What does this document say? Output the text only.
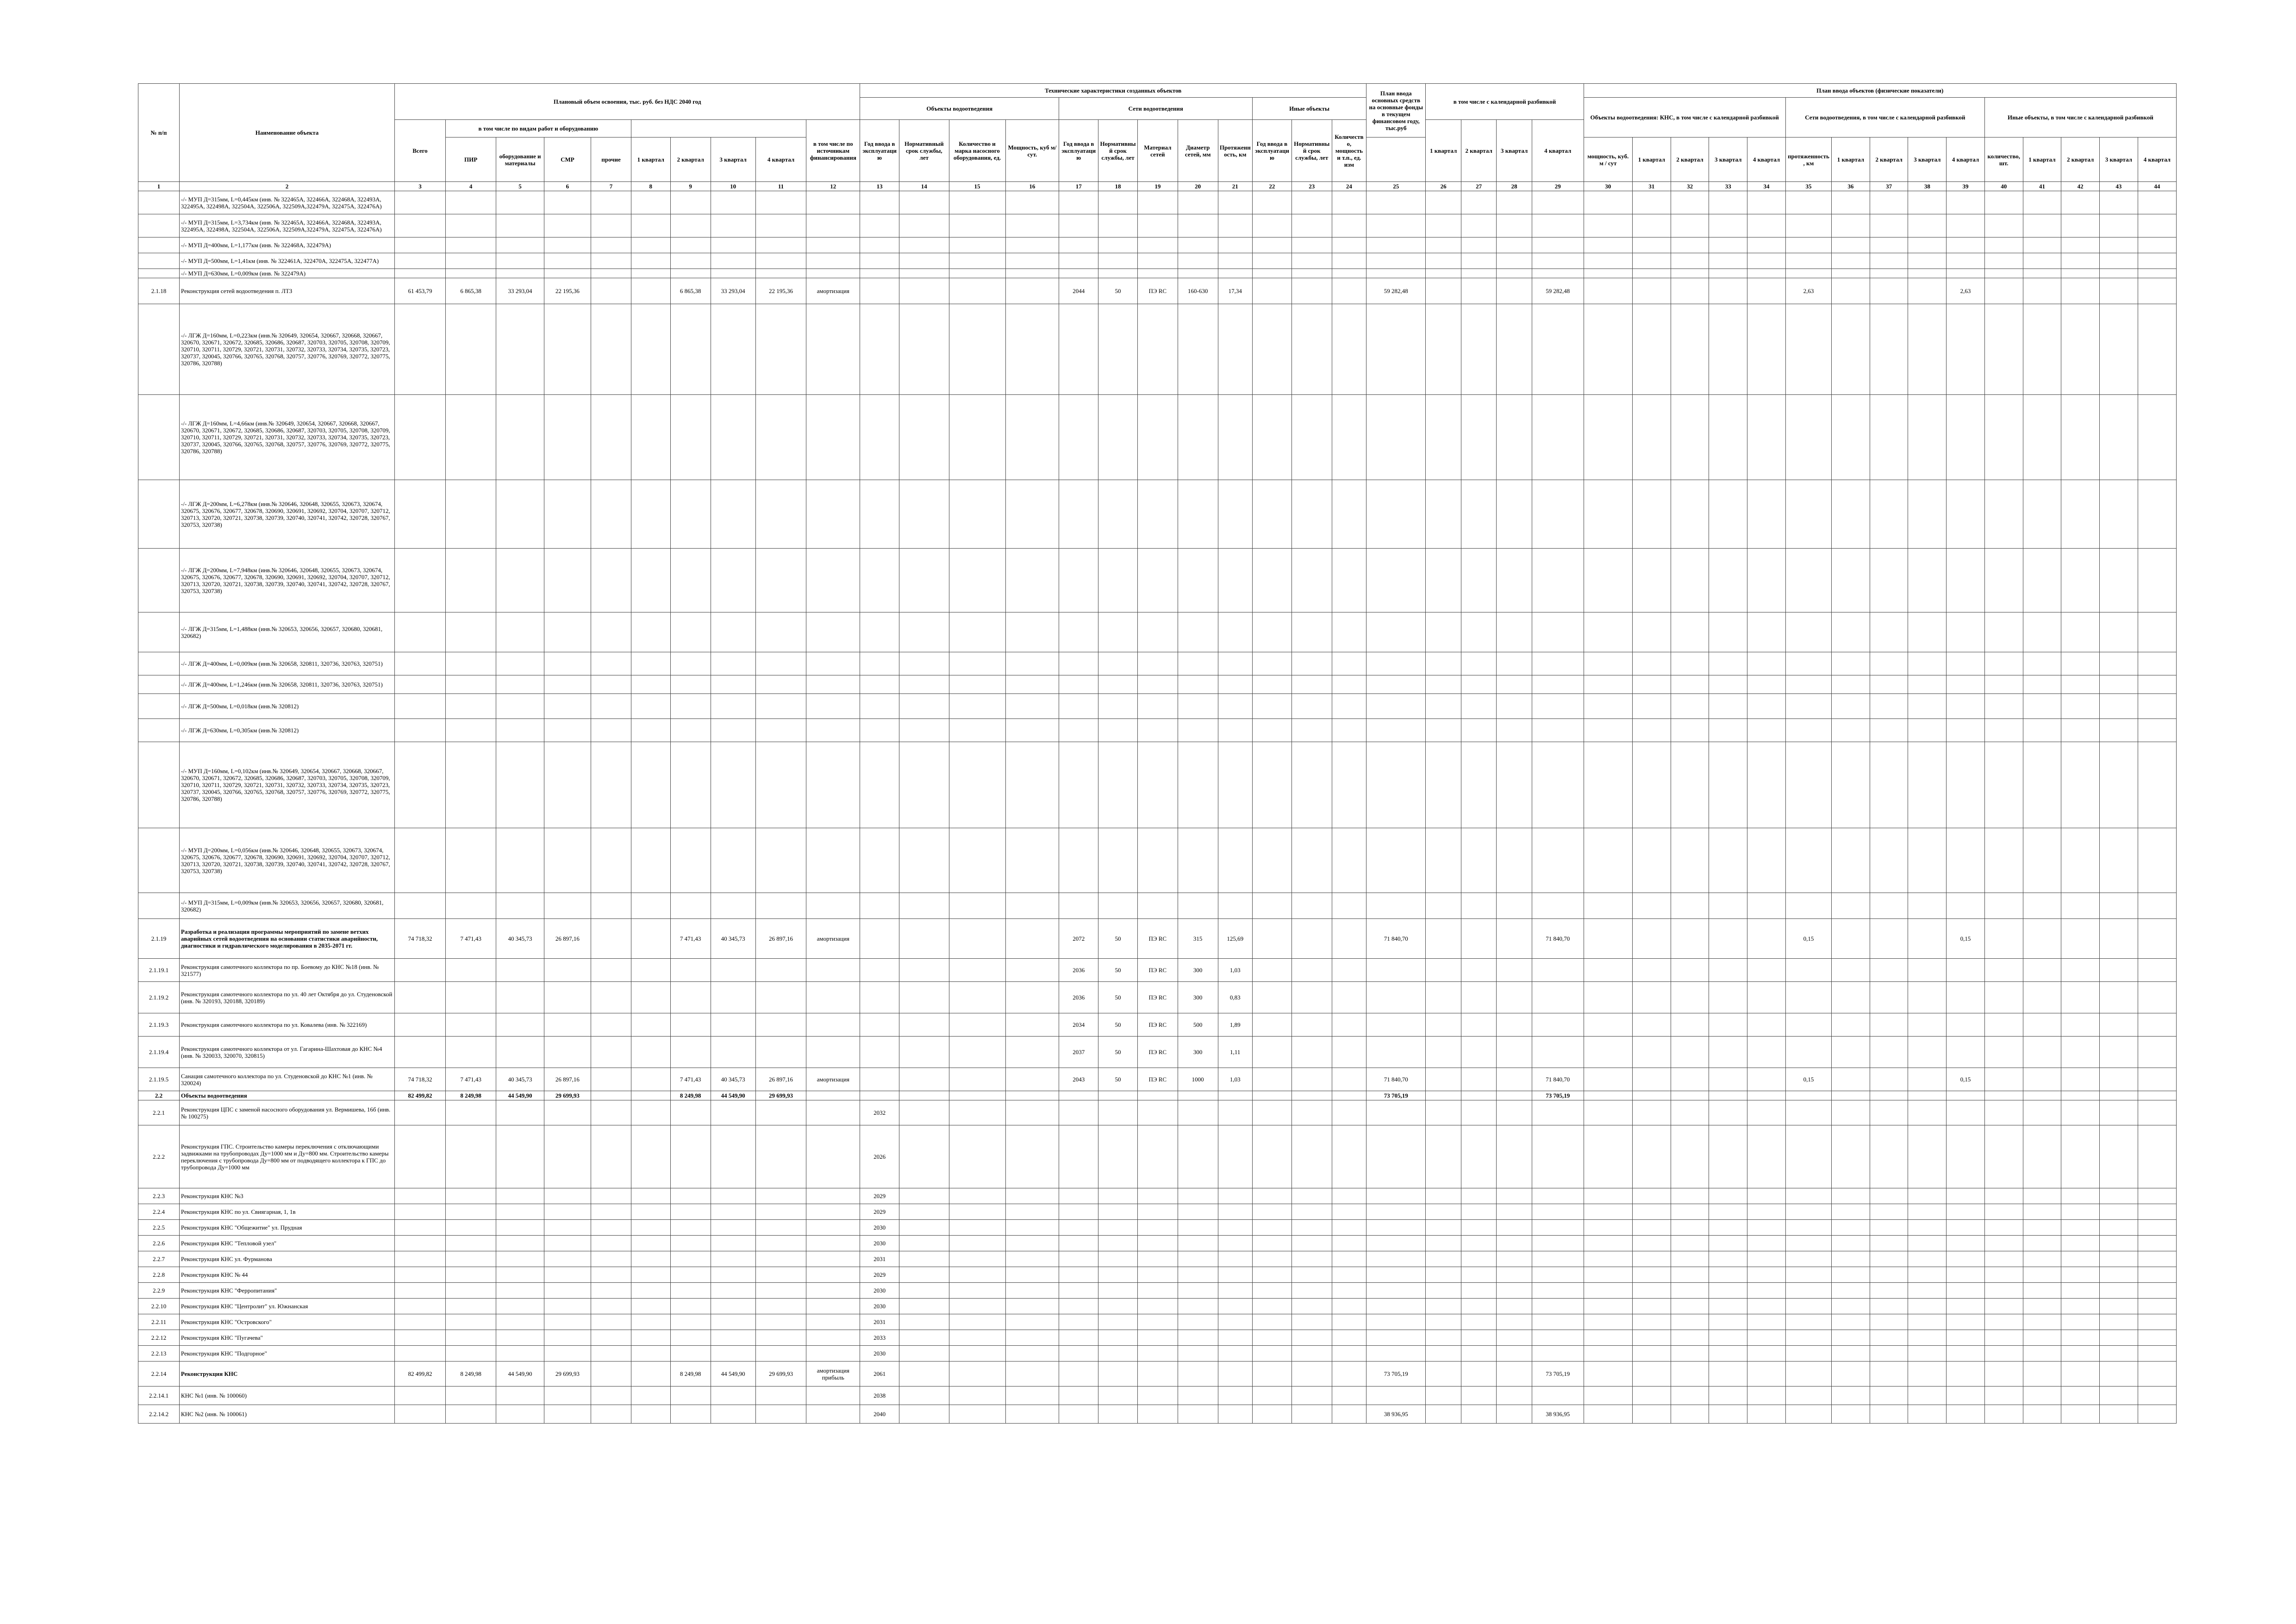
№ п/п	Наименование объекта	Плановый объем освоения, тыс. руб. без НДС 2040 год										Технические характеристики созданных объектов												План ввода основных средств на основные фонды в текущем финансовом году, тыс.руб	в том числе с календарной разбивкой				План ввода объектов (физические показатели)														
												Объекты водоотведения				Сети водоотведения					Иные объекты								Объекты водоотведения: КНС, в том числе с календарной разбивкой					Сети водоотведения, в том числе с календарной разбивкой					Иные объекты, в том числе с календарной разбивкой				
		Всего	в том числе по видам работ и оборудованию								в том числе по источникам финансирования	Год ввода в эксплуатацию	Нормативный срок службы, лет	Количество и марка насосного оборудования, ед.	Мощность, куб м/ сут.	Год ввода в эксплуатацию	Нормативный срок службы, лет	Материал сетей	Диаметр сетей, мм	Протяженность, км	Год ввода в эксплуатацию	Нормативный срок службы, лет	Количество, мощность и т.п., ед. изм		1 квартал	2 квартал	3 квартал	4 квартал															
			ПИР	оборудование и материалы	СМР	прочие	1 квартал	2 квартал	3 квартал	4 квартал																			мощность, куб. м / сут	1 квартал	2 квартал	3 квартал	4 квартал	протяженность, км	1 квартал	2 квартал	3 квартал	4 квартал	количество, шт.	1 квартал	2 квартал	3 квартал	4 квартал
1	2	3	4	5	6	7	8	9	10	11	12	13	14	15	16	17	18	19	20	21	22	23	24	25	26	27	28	29	30	31	32	33	34	35	36	37	38	39	40	41	42	43	44
	-/- МУП Д=315мм, L=0,445км (инв. № 322465А, 322466А, 322468А, 322493А, 322495А, 322498А, 322504А, 322506А, 322509А,322479А, 322475А, 322476А)																																										
	-/- МУП Д=315мм, L=3,734км (инв. № 322465А, 322466А, 322468А, 322493А, 322495А, 322498А, 322504А, 322506А, 322509А,322479А, 322475А, 322476А)																																										
	-/- МУП Д=400мм, L=1,177км (инв. № 322468А, 322479А)																																										
	-/- МУП Д=500мм, L=1,41км (инв. № 322461А, 322470А, 322475А, 322477А)																																										
	-/- МУП Д=630мм, L=0,009км (инв. № 322479А)																																										
2.1.18	Реконструкция сетей водоотведения п. ЛТЗ	61 453,79	6 865,38	33 293,04	22 195,36			6 865,38	33 293,04	22 195,36	амортизация					2044	50	ПЭ RC	160-630	17,34				59 282,48				59 282,48						2,63				2,63					
	-/- ЛГЖ Д=160мм, L=0,223км (инв.№ 320649, 320654, 320667, 320668, 320667, 320670, 320671, 320672, 320685, 320686, 320687, 320703, 320705, 320708, 320709, 320710, 320711, 320729, 320721, 320731, 320732, 320733, 320734, 320735, 320723, 320737, 320045, 320766, 320765, 320768, 320757, 320776, 320769, 320772, 320775, 320786, 320788)																																										
	-/- ЛГЖ Д=160мм, L=4,66км (инв.№ 320649, 320654, 320667, 320668, 320667, 320670, 320671, 320672, 320685, 320686, 320687, 320703, 320705, 320708, 320709, 320710, 320711, 320729, 320721, 320731, 320732, 320733, 320734, 320735, 320723, 320737, 320045, 320766, 320765, 320768, 320757, 320776, 320769, 320772, 320775, 320786, 320788)																																										
	-/- ЛГЖ Д=200мм, L=6,278км (инв.№ 320646, 320648, 320655, 320673, 320674, 320675, 320676, 320677, 320678, 320690, 320691, 320692, 320704, 320707, 320712, 320713, 320720, 320721, 320738, 320739, 320740, 320741, 320742, 320728, 320767, 320753, 320738)																																										
	-/- ЛГЖ Д=200мм, L=7,948км (инв.№ 320646, 320648, 320655, 320673, 320674, 320675, 320676, 320677, 320678, 320690, 320691, 320692, 320704, 320707, 320712, 320713, 320720, 320721, 320738, 320739, 320740, 320741, 320742, 320728, 320767, 320753, 320738)																																										
	-/- ЛГЖ Д=315мм, L=1,488км (инв.№ 320653, 320656, 320657, 320680, 320681, 320682)																																										
	-/- ЛГЖ Д=400мм, L=0,009км (инв.№ 320658, 320811, 320736, 320763, 320751)																																										
	-/- ЛГЖ Д=400мм, L=1,246км (инв.№ 320658, 320811, 320736, 320763, 320751)																																										
	-/- ЛГЖ Д=500мм, L=0,018км (инв.№ 320812)																																										
	-/- ЛГЖ Д=630мм, L=0,305км (инв.№ 320812)																																										
	-/- МУП Д=160мм, L=0,102км (инв.№ 320649, 320654, 320667, 320668, 320667, 320670, 320671, 320672, 320685, 320686, 320687, 320703, 320705, 320708, 320709, 320710, 320711, 320729, 320721, 320731, 320732, 320733, 320734, 320735, 320723, 320737, 320045, 320766, 320765, 320768, 320757, 320776, 320769, 320772, 320775, 320786, 320788)																																										
	-/- МУП Д=200мм, L=0,056км (инв.№ 320646, 320648, 320655, 320673, 320674, 320675, 320676, 320677, 320678, 320690, 320691, 320692, 320704, 320707, 320712, 320713, 320720, 320721, 320738, 320739, 320740, 320741, 320742, 320728, 320767, 320753, 320738)																																										
	-/- МУП Д=315мм, L=0,009км (инв.№ 320653, 320656, 320657, 320680, 320681, 320682)																																										
2.1.19	Разработка и реализация программы мероприятий по замене ветхих аварийных сетей водоотведения на основании статистики аварийности, диагностики и гидравлического моделирования в 2035-2071 гг.	74 718,32	7 471,43	40 345,73	26 897,16			7 471,43	40 345,73	26 897,16	амортизация					2072	50	ПЭ RC	315	125,69				71 840,70				71 840,70						0,15				0,15					
2.1.19.1	Реконструкция самотечного коллектора по пр. Боевому до КНС №18 (инв. № 321577)															2036	50	ПЭ RC	300	1,03																							
2.1.19.2	Реконструкция самотечного коллектора по ул. 40 лет Октября до ул. Студеновской (инв. № 320193, 320188, 320189)															2036	50	ПЭ RC	300	0,83																							
2.1.19.3	Реконструкция самотечного коллектора по ул. Ковалева (инв. № 322169)															2034	50	ПЭ RC	500	1,89																							
2.1.19.4	Реконструкция самотечного коллектора от ул. Гагарина-Шахтовая до КНС №4 (инв. № 320033, 320070, 320815)															2037	50	ПЭ RC	300	1,11																							
2.1.19.5	Санация самотечного коллектора по ул. Студеновской до КНС №1 (инв. № 320024)	74 718,32	7 471,43	40 345,73	26 897,16			7 471,43	40 345,73	26 897,16	амортизация					2043	50	ПЭ RC	1000	1,03				71 840,70				71 840,70						0,15				0,15					
2.2	Объекты водоотведения	82 499,82	8 249,98	44 549,90	29 699,93			8 249,98	44 549,90	29 699,93														73 705,19				73 705,19															
2.2.1	Реконструкция ЦПС с заменой насосного оборудования ул. Вермишева, 16б (инв. № 100275)											2032																															
2.2.2	Реконструкция ГПС. Строительство камеры переключения с отключающими задвижками на трубопроводах Ду=1000 мм и Ду=800 мм. Строительство камеры переключения с трубопровода Ду=800 мм от подводящего коллектора к ГПС до трубопровода Ду=1000 мм											2026																															
2.2.3	Реконструкция КНС №3											2029																															
2.2.4	Реконструкция КНС по ул. Свиягарная, 1, 1в											2029																															
2.2.5	Реконструкция КНС "Общежитие" ул. Прудная											2030																															
2.2.6	Реконструкция КНС "Тепловой узел"											2030																															
2.2.7	Реконструкция КНС ул. Фурманова											2031																															
2.2.8	Реконструкция КНС № 44											2029																															
2.2.9	Реконструкция КНС "Ферропитания"											2030																															
2.2.10	Реконструкция КНС "Центролит" ул. Южнанская											2030																															
2.2.11	Реконструкция КНС "Островского"											2031																															
2.2.12	Реконструкция КНС "Пугачева"											2033																															
2.2.13	Реконструкция КНС "Подгорное"											2030																															
2.2.14	Реконструкция КНС	82 499,82	8 249,98	44 549,90	29 699,93			8 249,98	44 549,90	29 699,93	амортизация прибыль	2061												73 705,19				73 705,19															
2.2.14.1	КНС №1 (инв. № 100060)											2038																															
2.2.14.2	КНС №2 (инв. № 100061)											2040												38 936,95				38 936,95															
